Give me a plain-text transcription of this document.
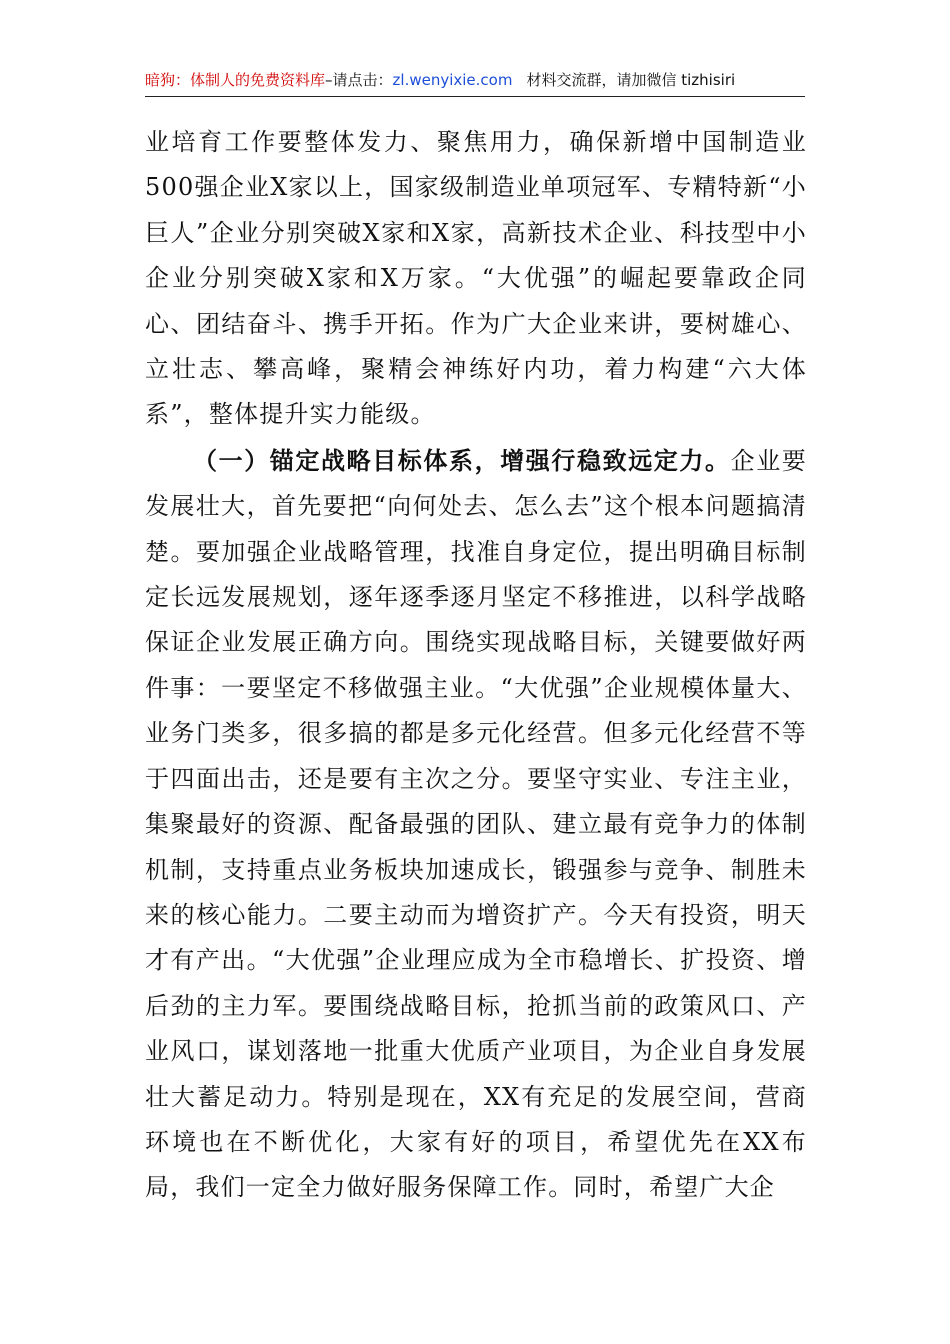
暗狗：体制人的免费资料库–请点击：zl.wenyixie.com 材料交流群，请加微信 tizhisiri

业培育工作要整体发力、聚焦用力，确保新增中国制造业500强企业X家以上，国家级制造业单项冠军、专精特新“小巨人”企业分别突破X家和X家，高新技术企业、科技型中小企业分别突破X家和X万家。“大优强”的崛起要靠政企同心、团结奋斗、携手开拓。作为广大企业来讲，要树雄心、立壮志、攀高峰，聚精会神练好内功，着力构建“六大体系”，整体提升实力能级。

（一）锚定战略目标体系，增强行稳致远定力。企业要发展壮大，首先要把“向何处去、怎么去”这个根本问题搞清楚。要加强企业战略管理，找准自身定位，提出明确目标制定长远发展规划，逐年逐季逐月坚定不移推进，以科学战略保证企业发展正确方向。围绕实现战略目标，关键要做好两件事：一要坚定不移做强主业。“大优强”企业规模体量大、业务门类多，很多搞的都是多元化经营。但多元化经营不等于四面出击，还是要有主次之分。要坚守实业、专注主业，集聚最好的资源、配备最强的团队、建立最有竞争力的体制机制，支持重点业务板块加速成长，锻强参与竞争、制胜未来的核心能力。二要主动而为增资扩产。今天有投资，明天才有产出。“大优强”企业理应成为全市稳增长、扩投资、增后劲的主力军。要围绕战略目标，抢抓当前的政策风口、产业风口，谋划落地一批重大优质产业项目，为企业自身发展壮大蓄足动力。特别是现在，XX有充足的发展空间，营商环境也在不断优化，大家有好的项目，希望优先在XX布局，我们一定全力做好服务保障工作。同时，希望广大企
